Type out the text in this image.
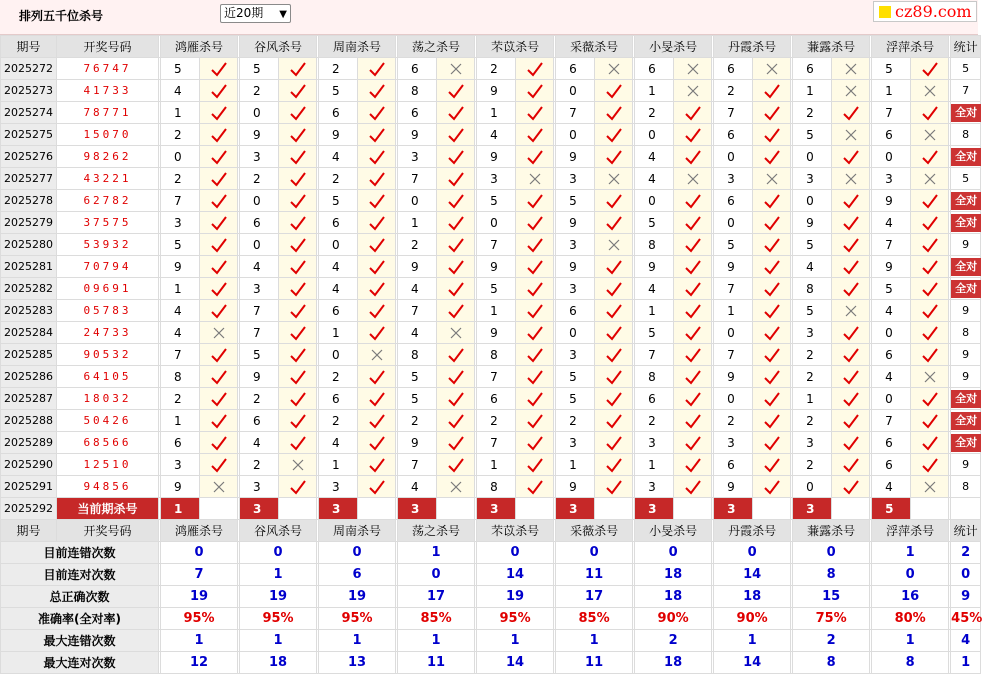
排列五千位杀号	近20期 ▼	cz89.com
期号	开奖号码		鸿雁杀号			谷风杀号			周南杀号			荡之杀号			芣苡杀号			采薇杀号			小旻杀号			丹霞杀号			蒹露杀号			浮萍杀号			统计
2025272	76747		5			5			2			6			2			6			6			6			6			5			5
2025273	41733		4			2			5			8			9			0			1			2			1			1			7
2025274	78771		1			0			6			6			1			7			2			7			2			7			全对
2025275	15070		2			9			9			9			4			0			0			6			5			6			8
2025276	98262		0			3			4			3			9			9			4			0			0			0			全对
2025277	43221		2			2			2			7			3			3			4			3			3			3			5
2025278	62782		7			0			5			0			5			5			0			6			0			9			全对
2025279	37575		3			6			6			1			0			9			5			0			9			4			全对
2025280	53932		5			0			0			2			7			3			8			5			5			7			9
2025281	70794		9			4			4			9			9			9			9			9			4			9			全对
2025282	09691		1			3			4			4			5			3			4			7			8			5			全对
2025283	05783		4			7			6			7			1			6			1			1			5			4			9
2025284	24733		4			7			1			4			9			0			5			0			3			0			8
2025285	90532		7			5			0			8			8			3			7			7			2			6			9
2025286	64105		8			9			2			5			7			5			8			9			2			4			9
2025287	18032		2			2			6			5			6			5			6			0			1			0			全对
2025288	50426		1			6			2			2			2			2			2			2			2			7			全对
2025289	68566		6			4			4			9			7			3			3			3			3			6			全对
2025290	12510		3			2			1			7			1			1			1			6			2			6			9
2025291	94856		9			3			3			4			8			9			3			9			0			4			8
2025292	当前期杀号		1			3			3			3			3			3			3			3			3			5			
期号	开奖号码		鸿雁杀号			谷风杀号			周南杀号			荡之杀号			芣苡杀号			采薇杀号			小旻杀号			丹霞杀号			蒹露杀号			浮萍杀号			统计
目前连错次数			0			0			0			1			0			0			0			0			0			1			2
目前连对次数			7			1			6			0			14			11			18			14			8			0			0
总正确次数			19			19			19			17			19			17			18			18			15			16			9
准确率(全对率)			95%			95%			95%			85%			95%			85%			90%			90%			75%			80%			45%
最大连错次数			1			1			1			1			1			1			2			1			2			1			4
最大连对次数			12			18			13			11			14			11			18			14			8			8			1
